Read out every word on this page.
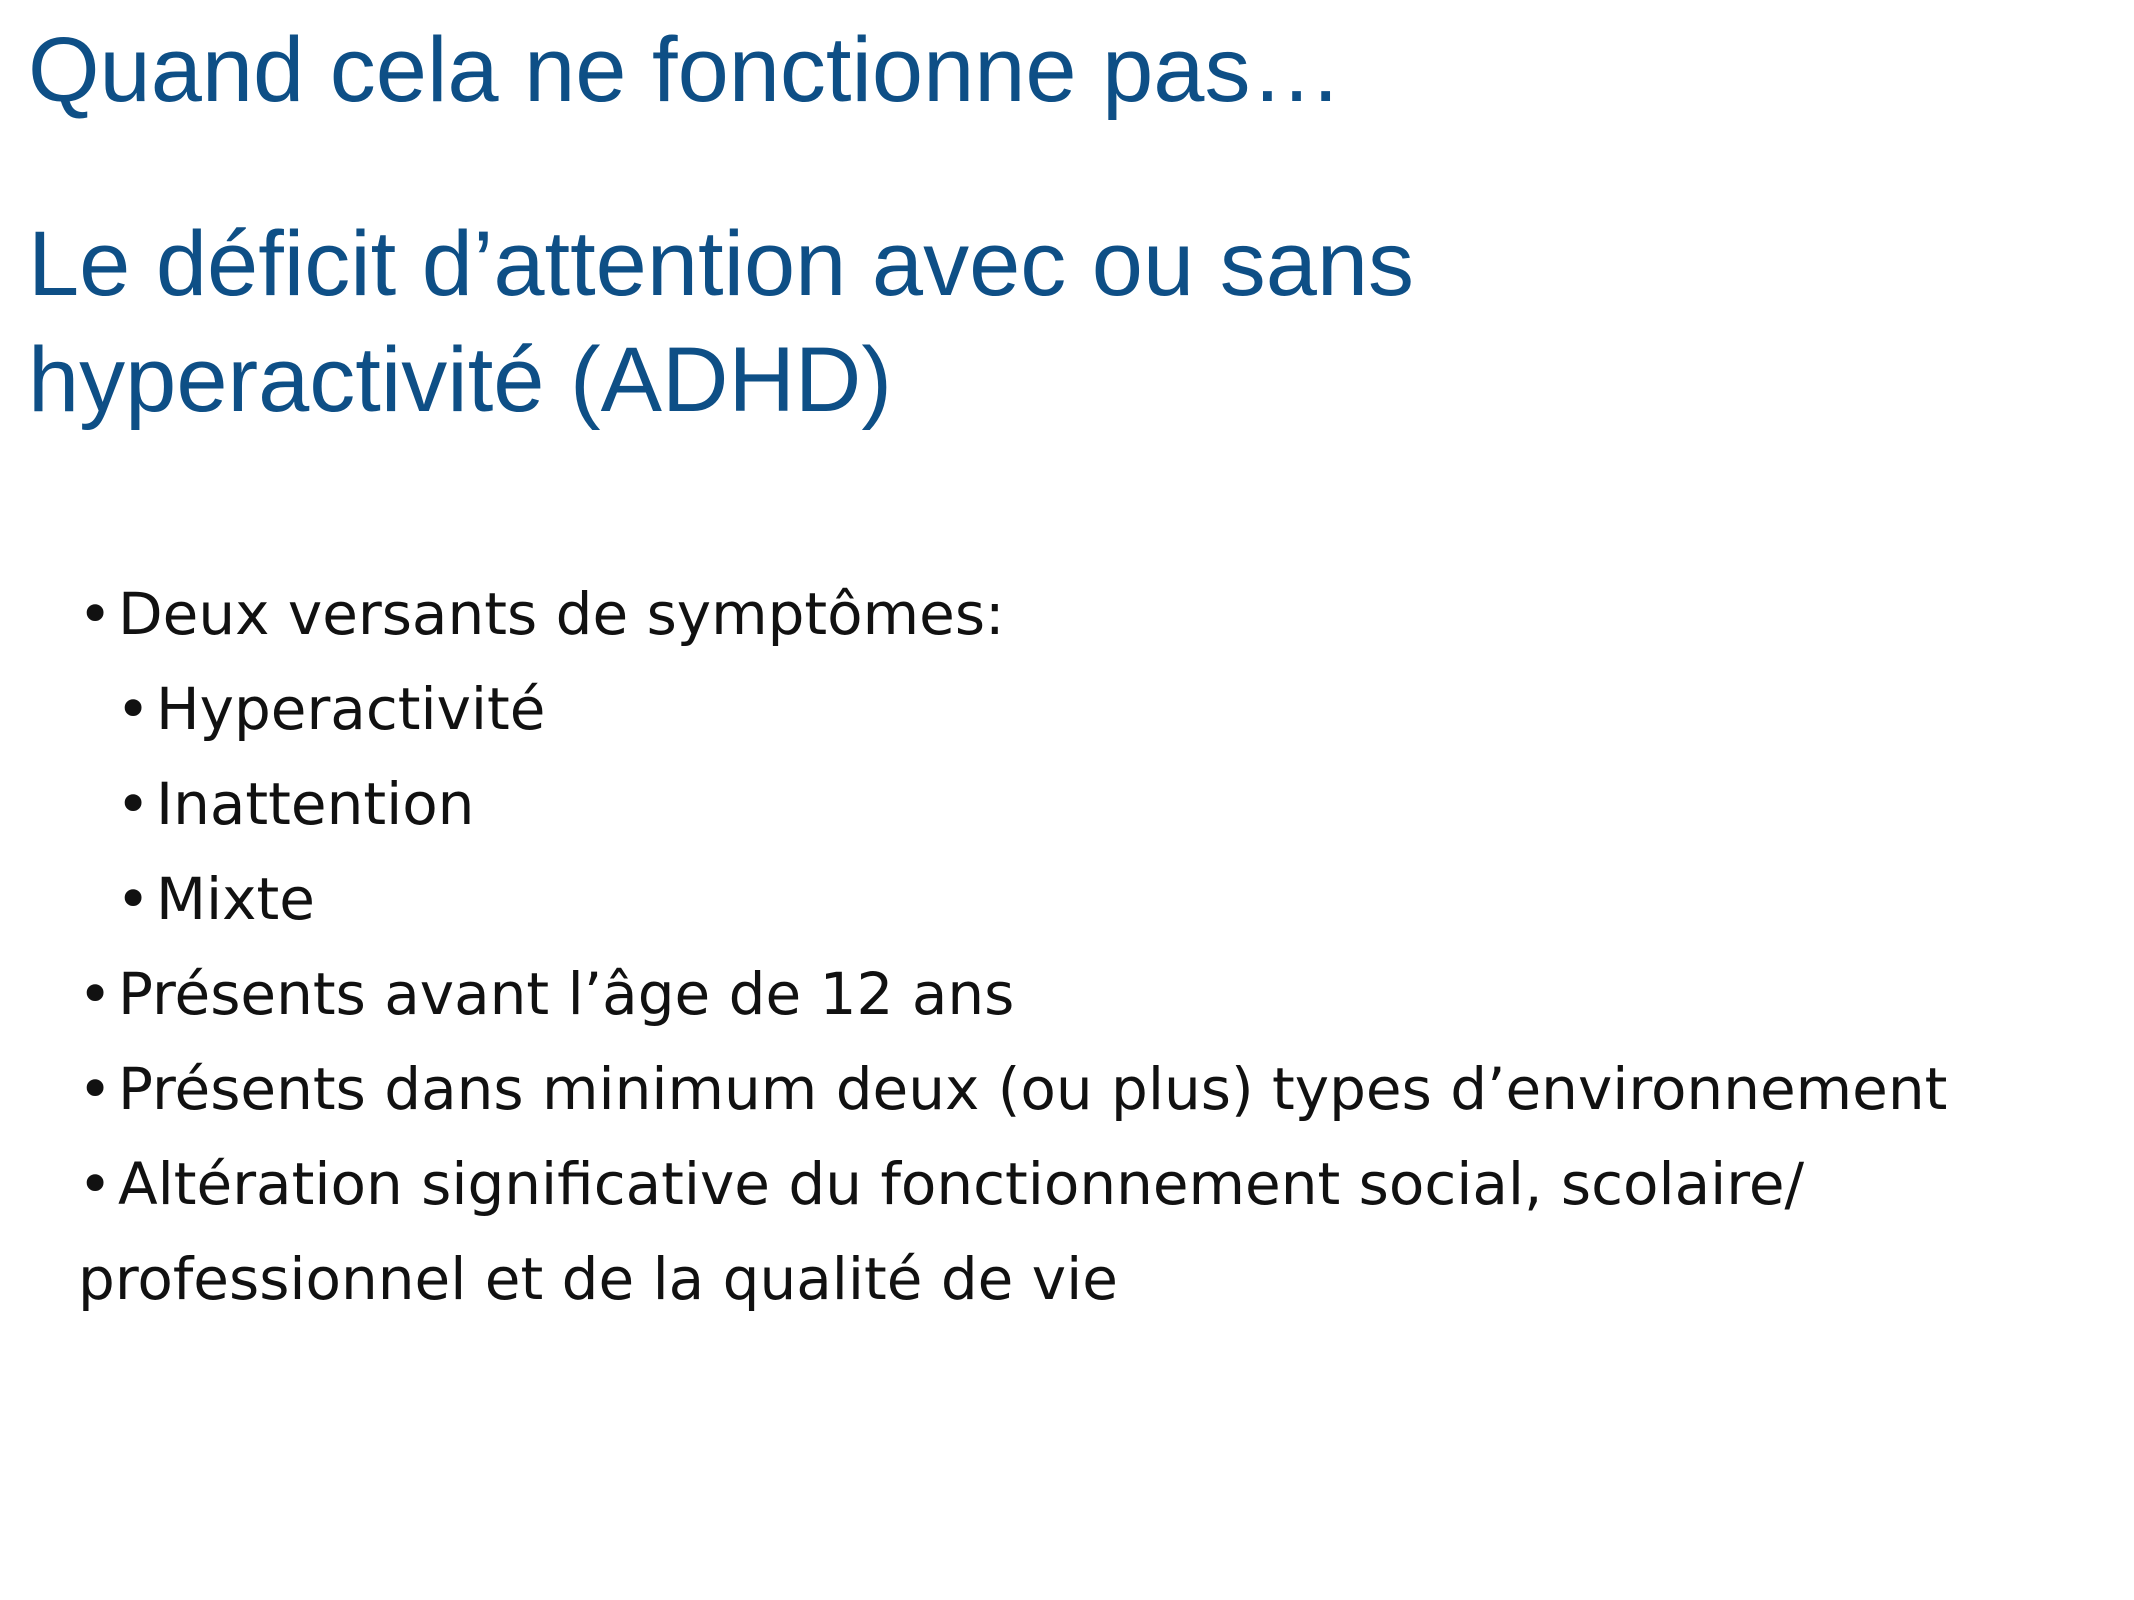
Quand cela ne fonctionne pas…
Le déficit d’attention avec ou sans
hyperactivité (ADHD)
•Deux versants de symptômes:
•Hyperactivité
•Inattention
•Mixte
•Présents avant l’âge de 12 ans
•Présents dans minimum deux (ou plus) types d’environnement
•Altération significative du fonctionnement social, scolaire/
professionnel et de la qualité de vie
